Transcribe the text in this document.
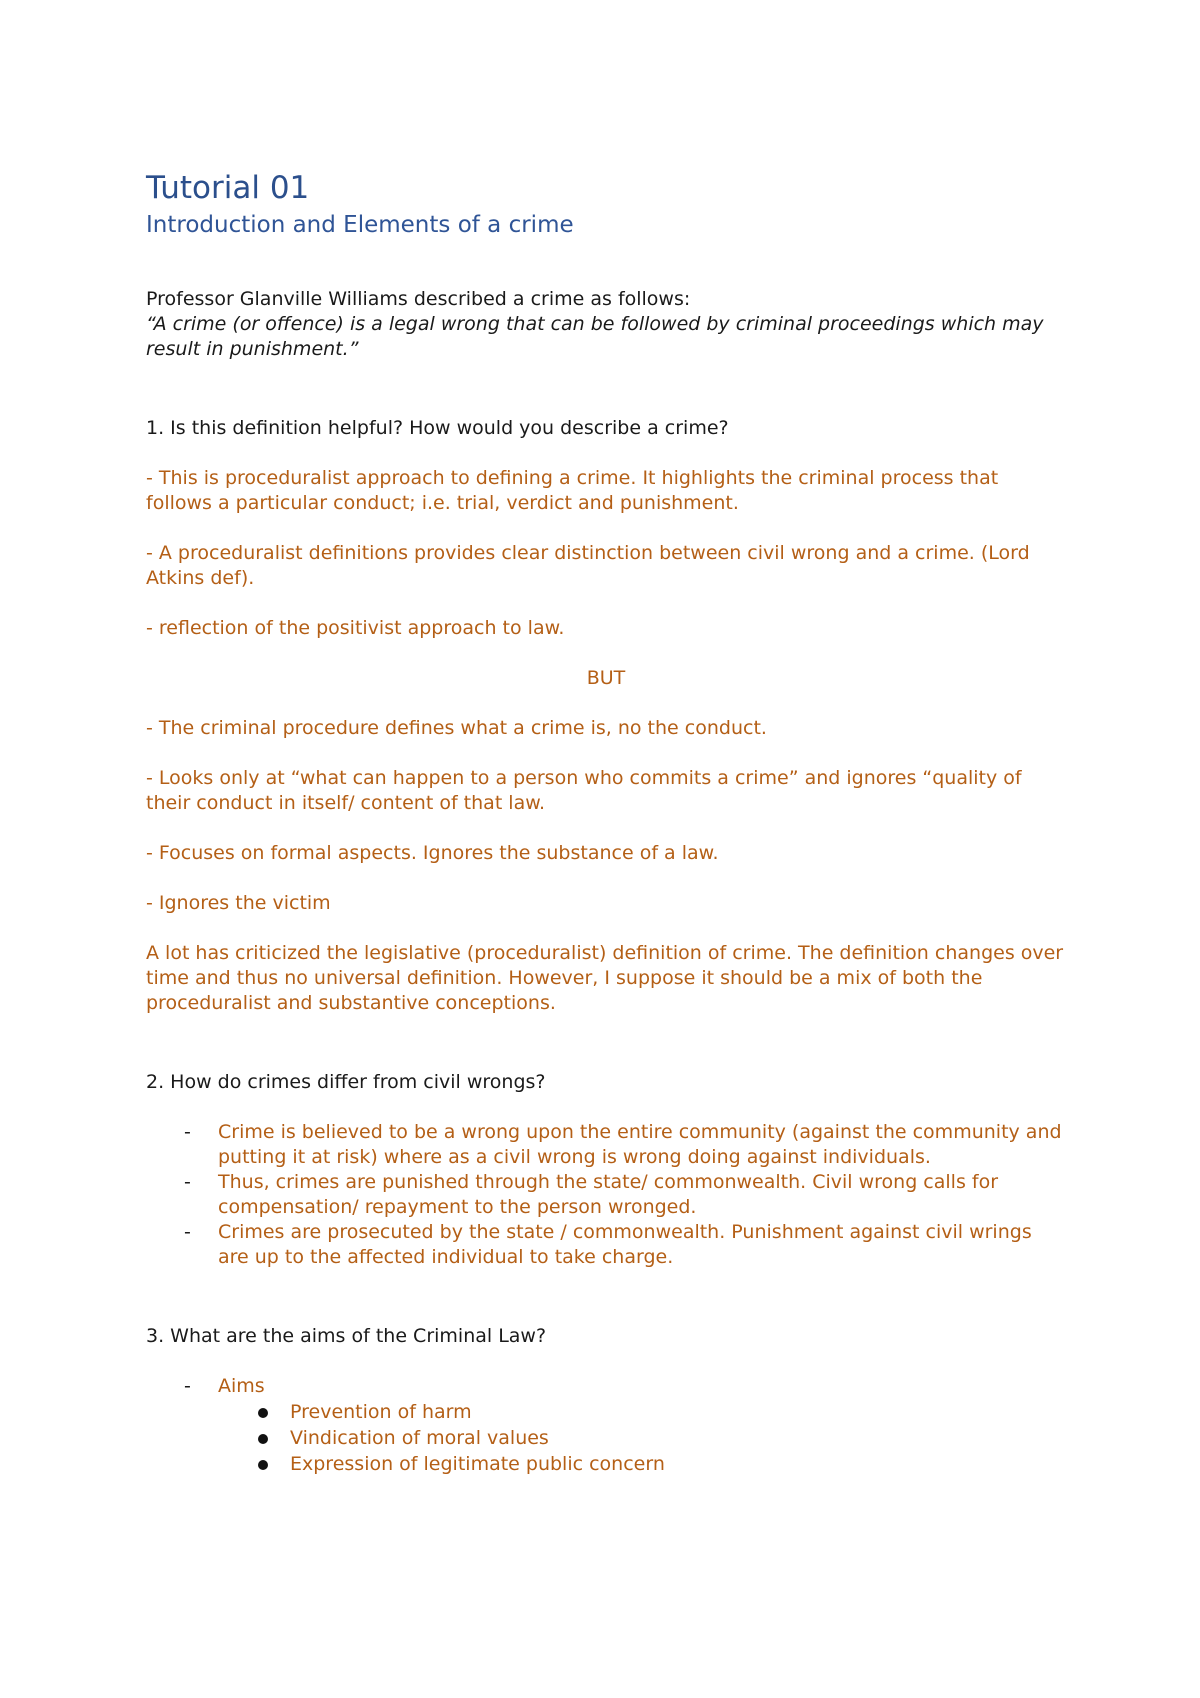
Tutorial 01
Introduction and Elements of a crime

Professor Glanville Williams described a crime as follows:

“A crime (or offence) is a legal wrong that can be followed by criminal proceedings which may result in punishment.”

1. Is this definition helpful? How would you describe a crime?

- This is proceduralist approach to defining a crime. It highlights the criminal process that follows a particular conduct; i.e. trial, verdict and punishment.

- A proceduralist definitions provides clear distinction between civil wrong and a crime. (Lord Atkins def).

- reflection of the positivist approach to law.

BUT

- The criminal procedure defines what a crime is, no the conduct.

- Looks only at “what can happen to a person who commits a crime” and ignores “quality of their conduct in itself/ content of that law.

- Focuses on formal aspects. Ignores the substance of a law.

- Ignores the victim

A lot has criticized the legislative (proceduralist) definition of crime. The definition changes over time and thus no universal definition. However, I suppose it should be a mix of both the proceduralist and substantive conceptions.

2. How do crimes differ from civil wrongs?

- Crime is believed to be a wrong upon the entire community (against the community and putting it at risk) where as a civil wrong is wrong doing against individuals.
- Thus, crimes are punished through the state/ commonwealth. Civil wrong calls for compensation/ repayment to the person wronged.
- Crimes are prosecuted by the state / commonwealth. Punishment against civil wrings are up to the affected individual to take charge.

3. What are the aims of the Criminal Law?

- Aims
Prevention of harm
Vindication of moral values
Expression of legitimate public concern
